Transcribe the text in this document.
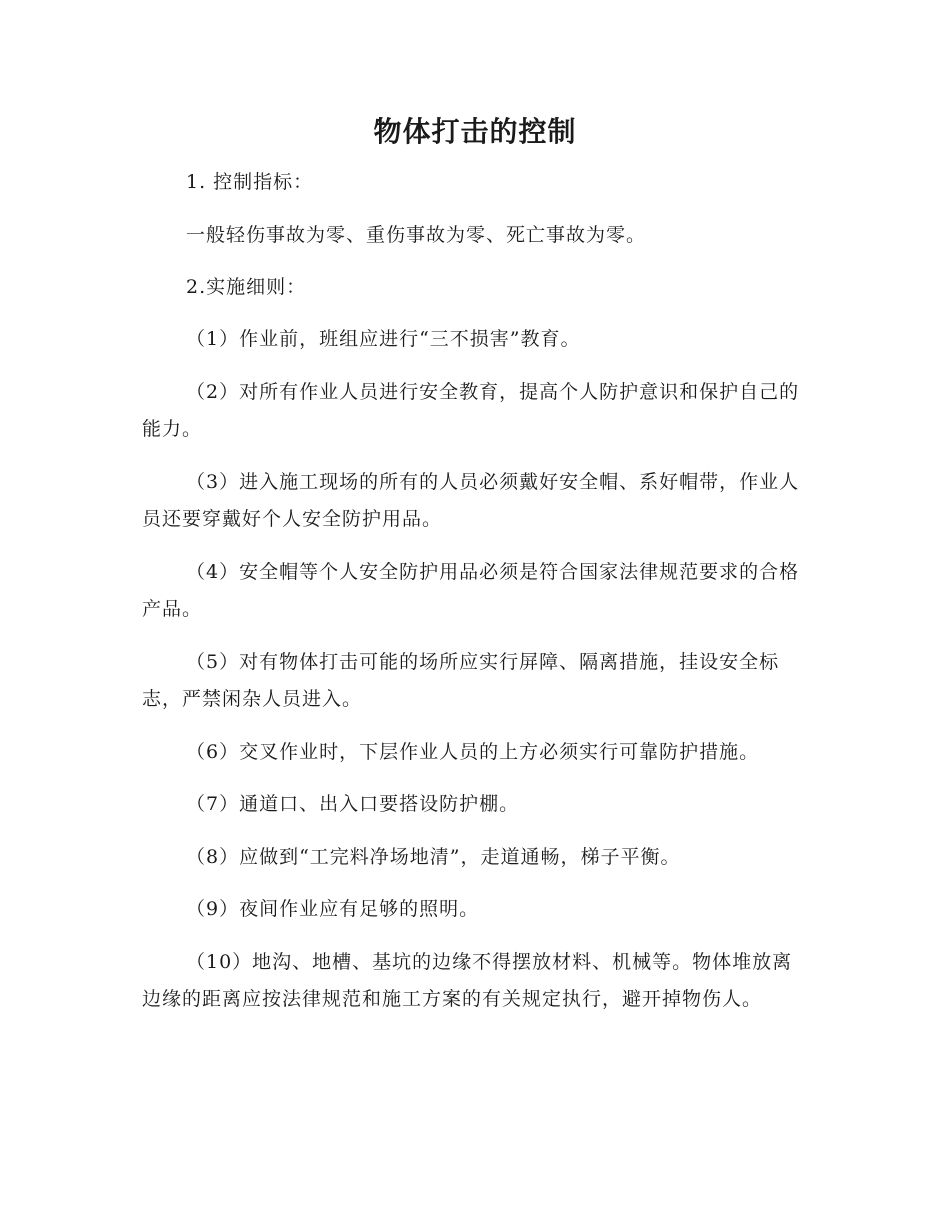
物体打击的控制

1. 控制指标：

一般轻伤事故为零、重伤事故为零、死亡事故为零。

2.实施细则：

（1）作业前，班组应进行“三不损害”教育。

（2）对所有作业人员进行安全教育，提高个人防护意识和保护自己的能力。

（3）进入施工现场的所有的人员必须戴好安全帽、系好帽带，作业人员还要穿戴好个人安全防护用品。

（4）安全帽等个人安全防护用品必须是符合国家法律规范要求的合格产品。

（5）对有物体打击可能的场所应实行屏障、隔离措施，挂设安全标志，严禁闲杂人员进入。

（6）交叉作业时，下层作业人员的上方必须实行可靠防护措施。

（7）通道口、出入口要搭设防护棚。

（8）应做到“工完料净场地清”，走道通畅，梯子平衡。

（9）夜间作业应有足够的照明。

（10）地沟、地槽、基坑的边缘不得摆放材料、机械等。物体堆放离边缘的距离应按法律规范和施工方案的有关规定执行，避开掉物伤人。
